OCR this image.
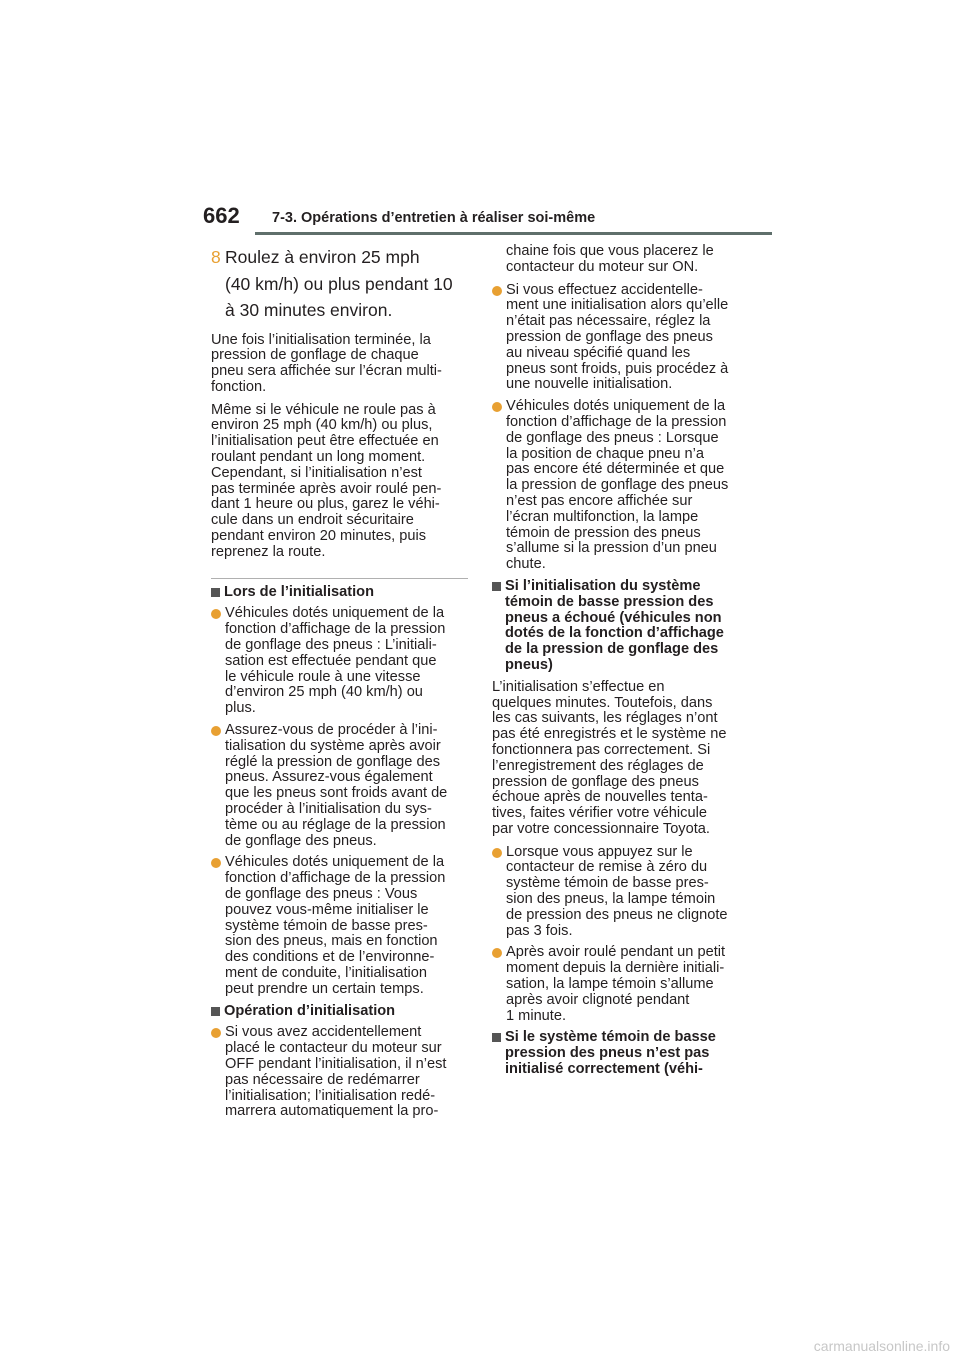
662 7-3. Opérations d’entretien à réaliser soi-même
8 Roulez à environ 25 mph
(40 km/h) ou plus pendant 10
à 30 minutes environ.
Une fois l’initialisation terminée, la
pression de gonflage de chaque
pneu sera affichée sur l’écran multi-
fonction.
Même si le véhicule ne roule pas à
environ 25 mph (40 km/h) ou plus,
l’initialisation peut être effectuée en
roulant pendant un long moment.
Cependant, si l’initialisation n’est
pas terminée après avoir roulé pen-
dant 1 heure ou plus, garez le véhi-
cule dans un endroit sécuritaire
pendant environ 20 minutes, puis
reprenez la route.
Lors de l’initialisation
Véhicules dotés uniquement de la
fonction d’affichage de la pression
de gonflage des pneus : L’initiali-
sation est effectuée pendant que
le véhicule roule à une vitesse
d’environ 25 mph (40 km/h) ou
plus.
Assurez-vous de procéder à l’ini-
tialisation du système après avoir
réglé la pression de gonflage des
pneus. Assurez-vous également
que les pneus sont froids avant de
procéder à l’initialisation du sys-
tème ou au réglage de la pression
de gonflage des pneus.
Véhicules dotés uniquement de la
fonction d’affichage de la pression
de gonflage des pneus : Vous
pouvez vous-même initialiser le
système témoin de basse pres-
sion des pneus, mais en fonction
des conditions et de l’environne-
ment de conduite, l’initialisation
peut prendre un certain temps.
Opération d’initialisation
Si vous avez accidentellement
placé le contacteur du moteur sur
OFF pendant l’initialisation, il n’est
pas nécessaire de redémarrer
l’initialisation; l’initialisation redé-
marrera automatiquement la pro-
chaine fois que vous placerez le
contacteur du moteur sur ON.
Si vous effectuez accidentelle-
ment une initialisation alors qu’elle
n’était pas nécessaire, réglez la
pression de gonflage des pneus
au niveau spécifié quand les
pneus sont froids, puis procédez à
une nouvelle initialisation.
Véhicules dotés uniquement de la
fonction d’affichage de la pression
de gonflage des pneus : Lorsque
la position de chaque pneu n’a
pas encore été déterminée et que
la pression de gonflage des pneus
n’est pas encore affichée sur
l’écran multifonction, la lampe
témoin de pression des pneus
s’allume si la pression d’un pneu
chute.
Si l’initialisation du système
témoin de basse pression des
pneus a échoué (véhicules non
dotés de la fonction d’affichage
de la pression de gonflage des
pneus)
L’initialisation s’effectue en
quelques minutes. Toutefois, dans
les cas suivants, les réglages n’ont
pas été enregistrés et le système ne
fonctionnera pas correctement. Si
l’enregistrement des réglages de
pression de gonflage des pneus
échoue après de nouvelles tenta-
tives, faites vérifier votre véhicule
par votre concessionnaire Toyota.
Lorsque vous appuyez sur le
contacteur de remise à zéro du
système témoin de basse pres-
sion des pneus, la lampe témoin
de pression des pneus ne clignote
pas 3 fois.
Après avoir roulé pendant un petit
moment depuis la dernière initiali-
sation, la lampe témoin s’allume
après avoir clignoté pendant
1 minute.
Si le système témoin de basse
pression des pneus n’est pas
initialisé correctement (véhi-
carmanualsonline.info
